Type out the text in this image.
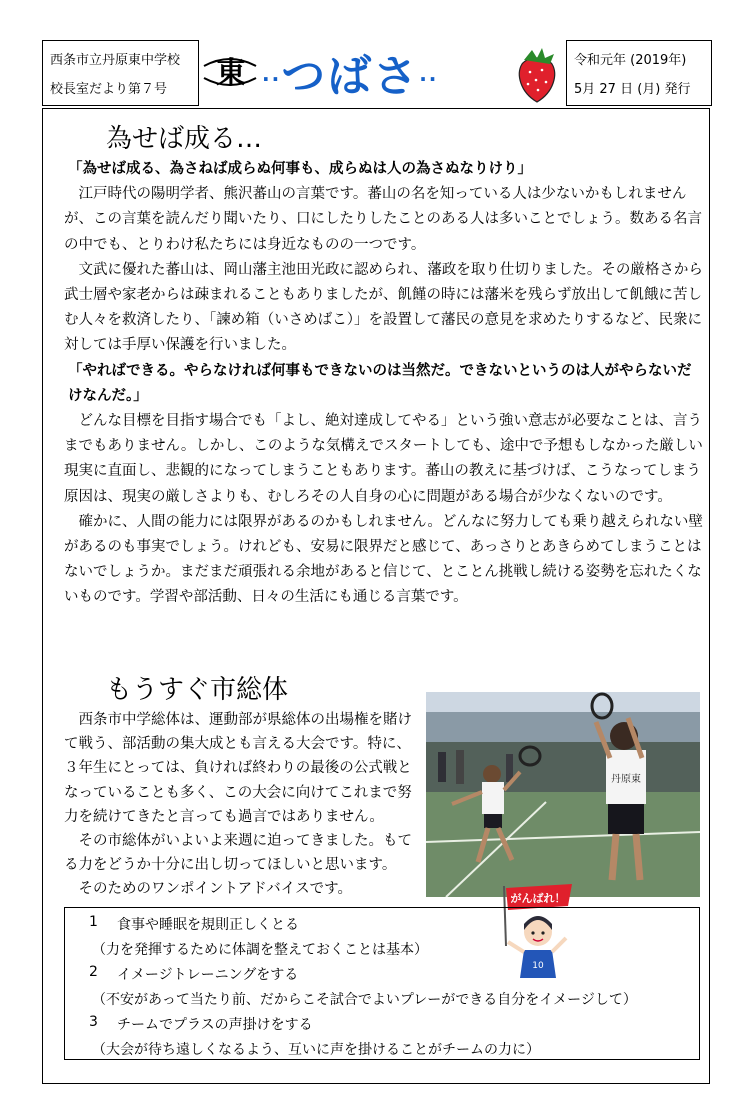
西条市立丹原東中学校
校長室だより第７号 東 ··つばさ··
令和元年 (2019年)
5月 27 日 (月) 発行
為せば成る…

「為せば成る、為さねば成らぬ何事も、成らぬは人の為さぬなりけり」

江戸時代の陽明学者、熊沢蕃山の言葉です。蕃山の名を知っている人は少ないかもしれませんが、この言葉を読んだり聞いたり、口にしたりしたことのある人は多いことでしょう。数ある名言の中でも、とりわけ私たちには身近なものの一つです。

文武に優れた蕃山は、岡山藩主池田光政に認められ、藩政を取り仕切りました。その厳格さから武士層や家老からは疎まれることもありましたが、飢饉の時には藩米を残らず放出して飢餓に苦しむ人々を救済したり、「諫め箱（いさめばこ）」を設置して藩民の意見を求めたりするなど、民衆に対しては手厚い保護を行いました。

「やればできる。やらなければ何事もできないのは当然だ。できないというのは人がやらないだけなんだ。」

どんな目標を目指す場合でも「よし、絶対達成してやる」という強い意志が必要なことは、言うまでもありません。しかし、このような気構えでスタートしても、途中で予想もしなかった厳しい現実に直面し、悲観的になってしまうこともあります。蕃山の教えに基づけば、こうなってしまう原因は、現実の厳しさよりも、むしろその人自身の心に問題がある場合が少なくないのです。

確かに、人間の能力には限界があるのかもしれません。どんなに努力しても乗り越えられない壁があるのも事実でしょう。けれども、安易に限界だと感じて、あっさりとあきらめてしまうことはないでしょうか。まだまだ頑張れる余地があると信じて、とことん挑戦し続ける姿勢を忘れたくないものです。学習や部活動、日々の生活にも通じる言葉です。

もうすぐ市総体

西条市中学総体は、運動部が県総体の出場権を賭けて戦う、部活動の集大成とも言える大会です。特に、３年生にとっては、負ければ終わりの最後の公式戦となっていることも多く、この大会に向けてこれまで努力を続けてきたと言っても過言ではありません。

その市総体がいよいよ来週に迫ってきました。もてる力をどうか十分に出し切ってほしいと思います。

そのためのワンポイントアドバイスです。

丹原東
がんばれ！
10
1 食事や睡眠を規則正しくとる
（力を発揮するために体調を整えておくことは基本）
2 イメージトレーニングをする
（不安があって当たり前、だからこそ試合でよいプレーができる自分をイメージして）
3 チームでプラスの声掛けをする
（大会が待ち遠しくなるよう、互いに声を掛けることがチームの力に）
